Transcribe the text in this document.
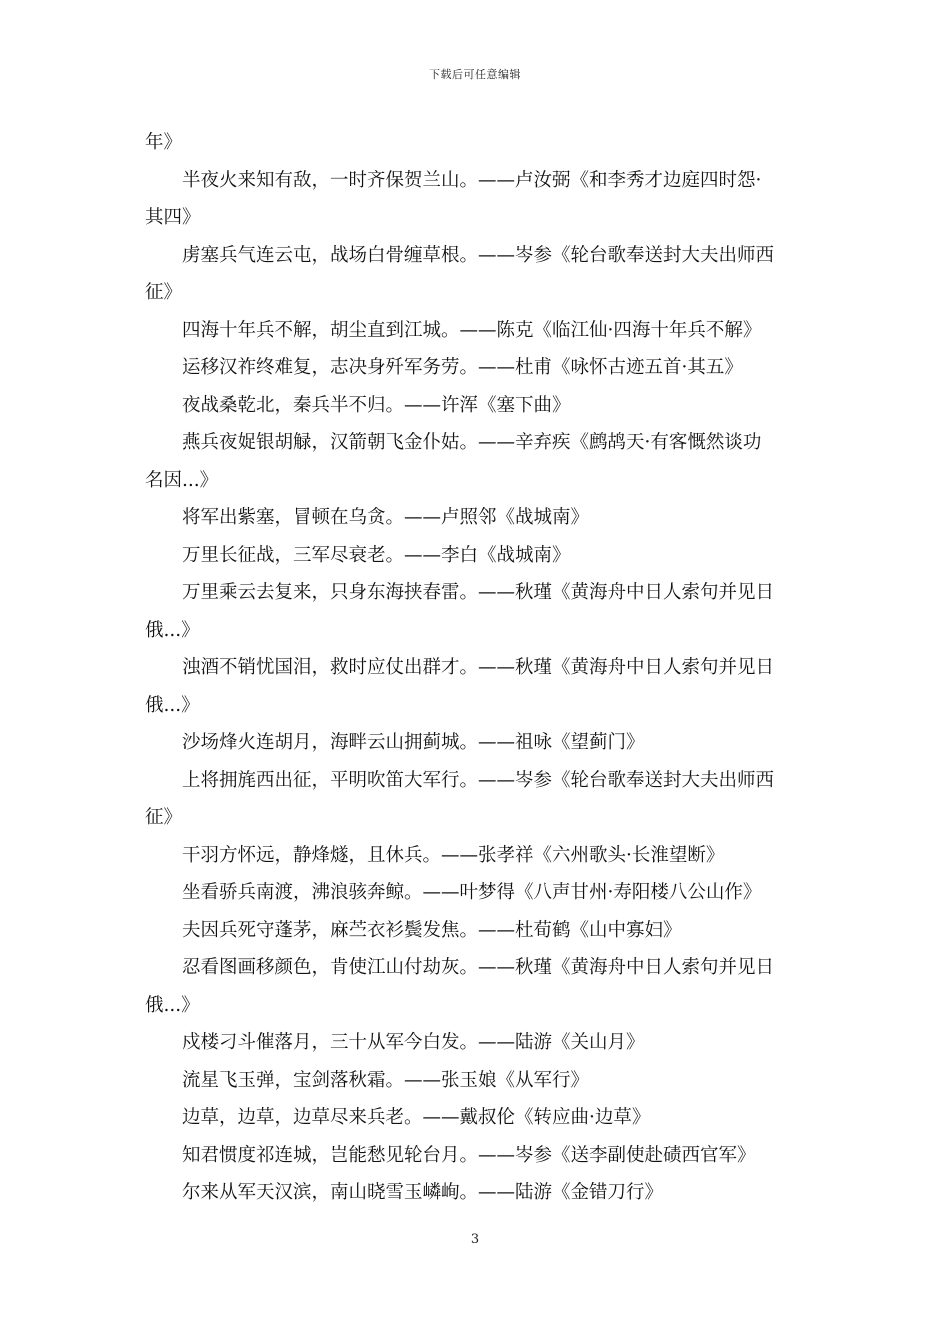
下载后可任意编辑
年》
半夜火来知有敌，一时齐保贺兰山。——卢汝弼《和李秀才边庭四时怨·
其四》
虏塞兵气连云屯，战场白骨缠草根。——岑参《轮台歌奉送封大夫出师西
征》
四海十年兵不解，胡尘直到江城。——陈克《临江仙·四海十年兵不解》
运移汉祚终难复，志决身歼军务劳。——杜甫《咏怀古迹五首·其五》
夜战桑乾北，秦兵半不归。——许浑《塞下曲》
燕兵夜娖银胡觮，汉箭朝飞金仆姑。——辛弃疾《鹧鸪天·有客慨然谈功
名因...》
将军出紫塞，冒顿在乌贪。——卢照邻《战城南》
万里长征战，三军尽衰老。——李白《战城南》
万里乘云去复来，只身东海挟春雷。——秋瑾《黄海舟中日人索句并见日
俄...》
浊酒不销忧国泪，救时应仗出群才。——秋瑾《黄海舟中日人索句并见日
俄...》
沙场烽火连胡月，海畔云山拥蓟城。——祖咏《望蓟门》
上将拥旄西出征，平明吹笛大军行。——岑参《轮台歌奉送封大夫出师西
征》
干羽方怀远，静烽燧，且休兵。——张孝祥《六州歌头·长淮望断》
坐看骄兵南渡，沸浪骇奔鲸。——叶梦得《八声甘州·寿阳楼八公山作》
夫因兵死守蓬茅，麻苎衣衫鬓发焦。——杜荀鹤《山中寡妇》
忍看图画移颜色，肯使江山付劫灰。——秋瑾《黄海舟中日人索句并见日
俄...》
戍楼刁斗催落月，三十从军今白发。——陆游《关山月》
流星飞玉弹，宝剑落秋霜。——张玉娘《从军行》
边草，边草，边草尽来兵老。——戴叔伦《转应曲·边草》
知君惯度祁连城，岂能愁见轮台月。——岑参《送李副使赴碛西官军》
尔来从军天汉滨，南山晓雪玉嶙峋。——陆游《金错刀行》
3
